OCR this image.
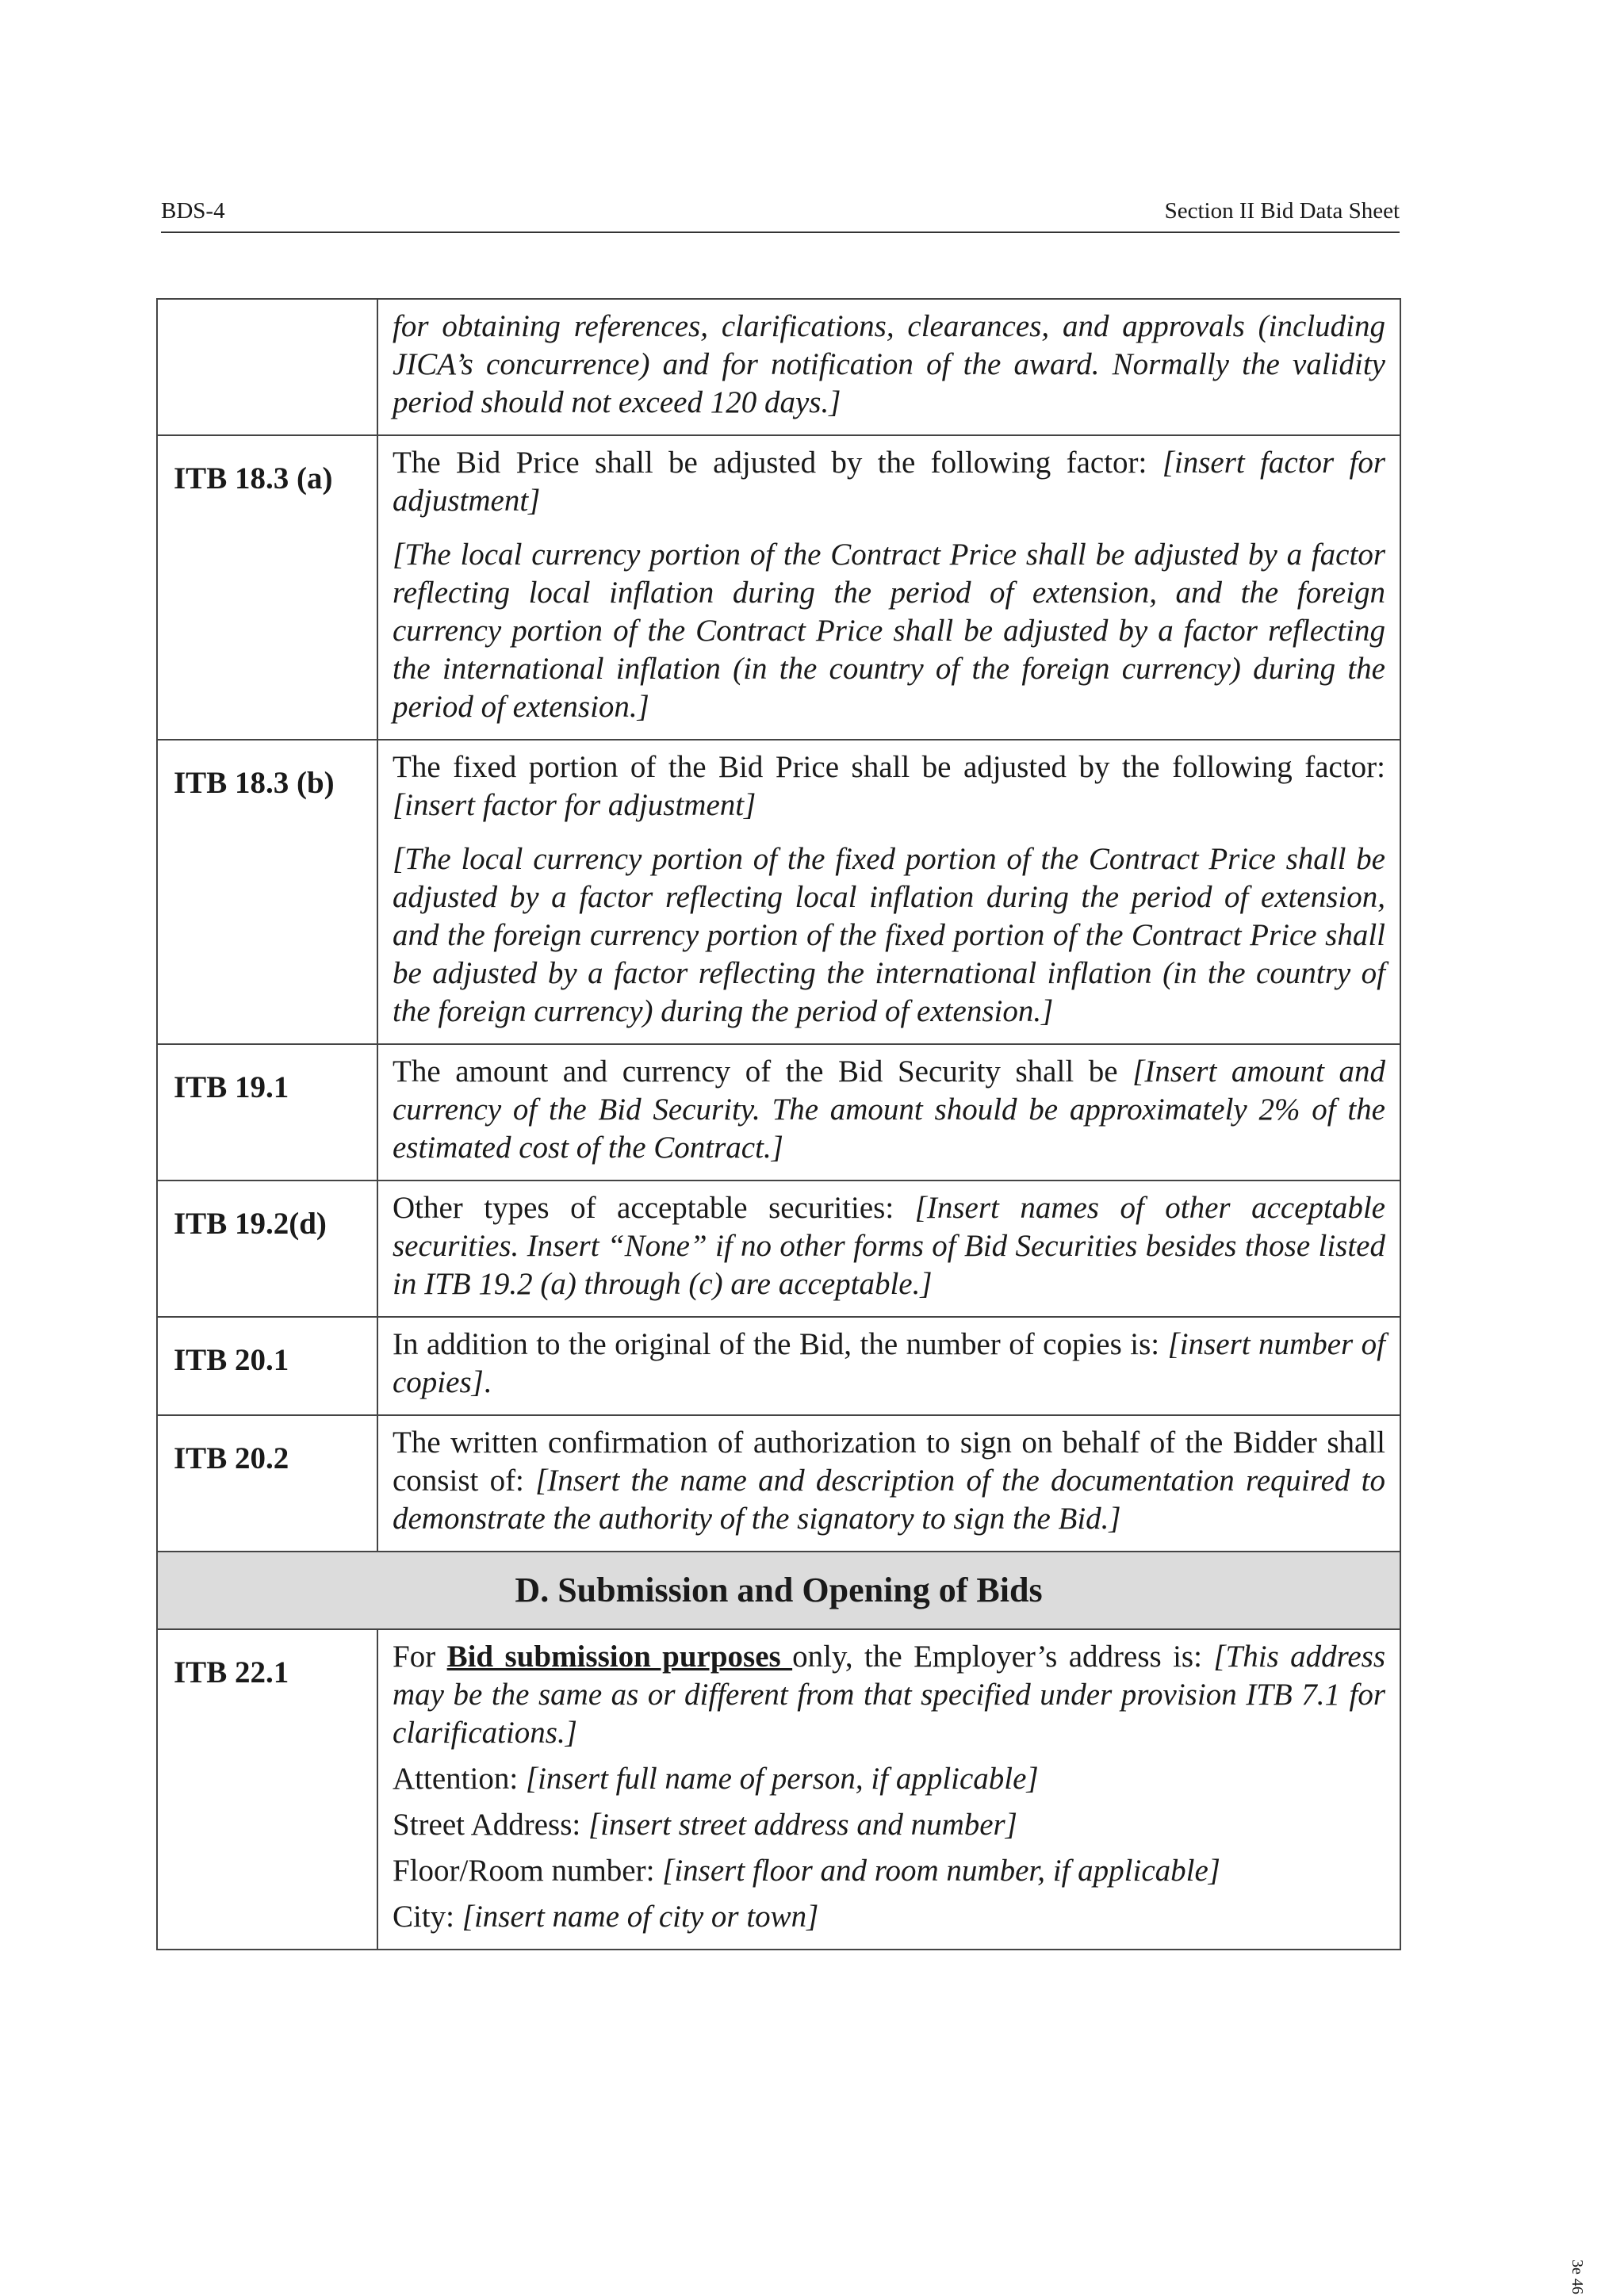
BDS-4	Section II Bid Data Sheet

	for obtaining references, clarifications, clearances, and approvals (including JICA’s concurrence) and for notification of the award. Normally the validity period should not exceed 120 days.]

ITB 18.3 (a)	The Bid Price shall be adjusted by the following factor: [insert factor for adjustment]

[The local currency portion of the Contract Price shall be adjusted by a factor reflecting local inflation during the period of extension, and the foreign currency portion of the Contract Price shall be adjusted by a factor reflecting the international inflation (in the country of the foreign currency) during the period of extension.]

ITB 18.3 (b)	The fixed portion of the Bid Price shall be adjusted by the following factor: [insert factor for adjustment]

[The local currency portion of the fixed portion of the Contract Price shall be adjusted by a factor reflecting local inflation during the period of extension, and the foreign currency portion of the fixed portion of the Contract Price shall be adjusted by a factor reflecting the international inflation (in the country of the foreign currency) during the period of extension.]

ITB 19.1	The amount and currency of the Bid Security shall be [Insert amount and currency of the Bid Security. The amount should be approximately 2% of the estimated cost of the Contract.]

ITB 19.2(d)	Other types of acceptable securities: [Insert names of other acceptable securities. Insert “None” if no other forms of Bid Securities besides those listed in ITB 19.2 (a) through (c) are acceptable.]

ITB 20.1	In addition to the original of the Bid, the number of copies is: [insert number of copies].

ITB 20.2	The written confirmation of authorization to sign on behalf of the Bidder shall consist of: [Insert the name and description of the documentation required to demonstrate the authority of the signatory to sign the Bid.]

D. Submission and Opening of Bids	
ITB 22.1	For Bid submission purposes only, the Employer’s address is: [This address may be the same as or different from that specified under provision ITB 7.1 for clarifications.]

Attention: [insert full name of person, if applicable]

Street Address: [insert street address and number]

Floor/Room number: [insert floor and room number, if applicable]

City: [insert name of city or town]

3e 46
